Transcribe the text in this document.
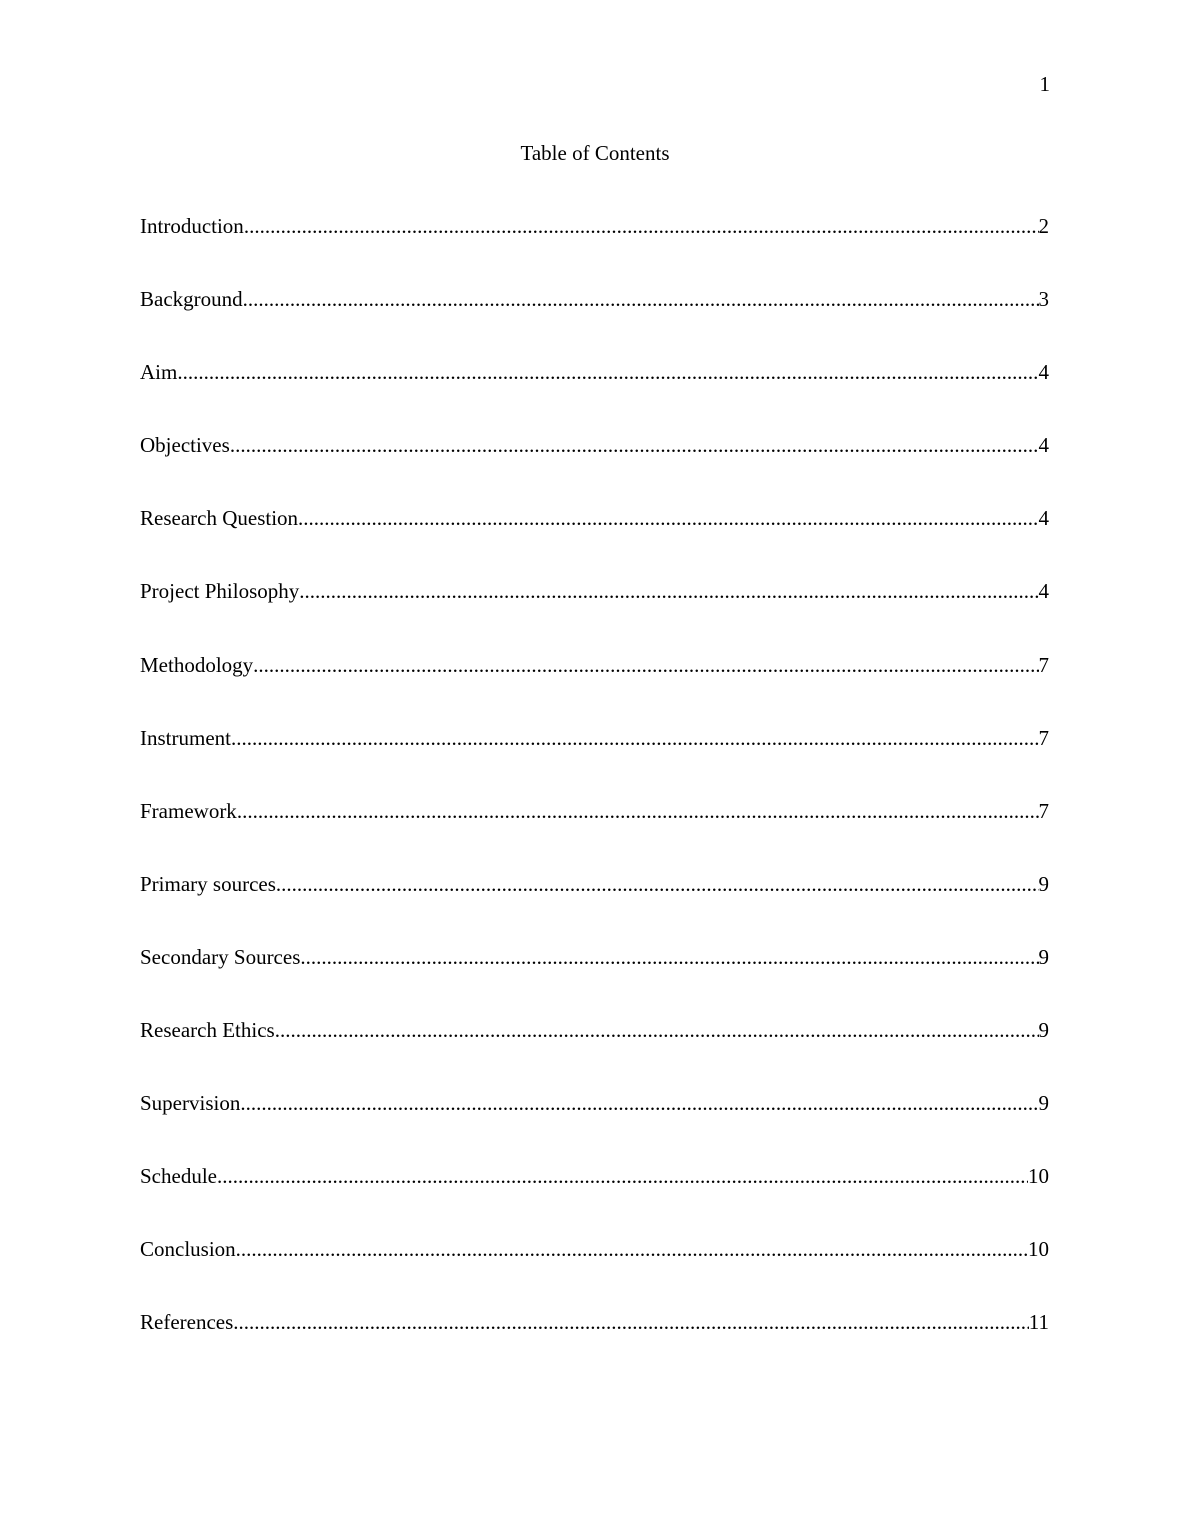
1
Table of Contents
Introduction .....	2
Background .....	3
Aim .....	4
Objectives .....	4
Research Question .....	4
Project Philosophy .....	4
Methodology .....	7
Instrument .....	7
Framework .....	7
Primary sources .....	9
Secondary Sources .....	9
Research Ethics .....	9
Supervision .....	9
Schedule .....	10
Conclusion .....	10
References .....	11
